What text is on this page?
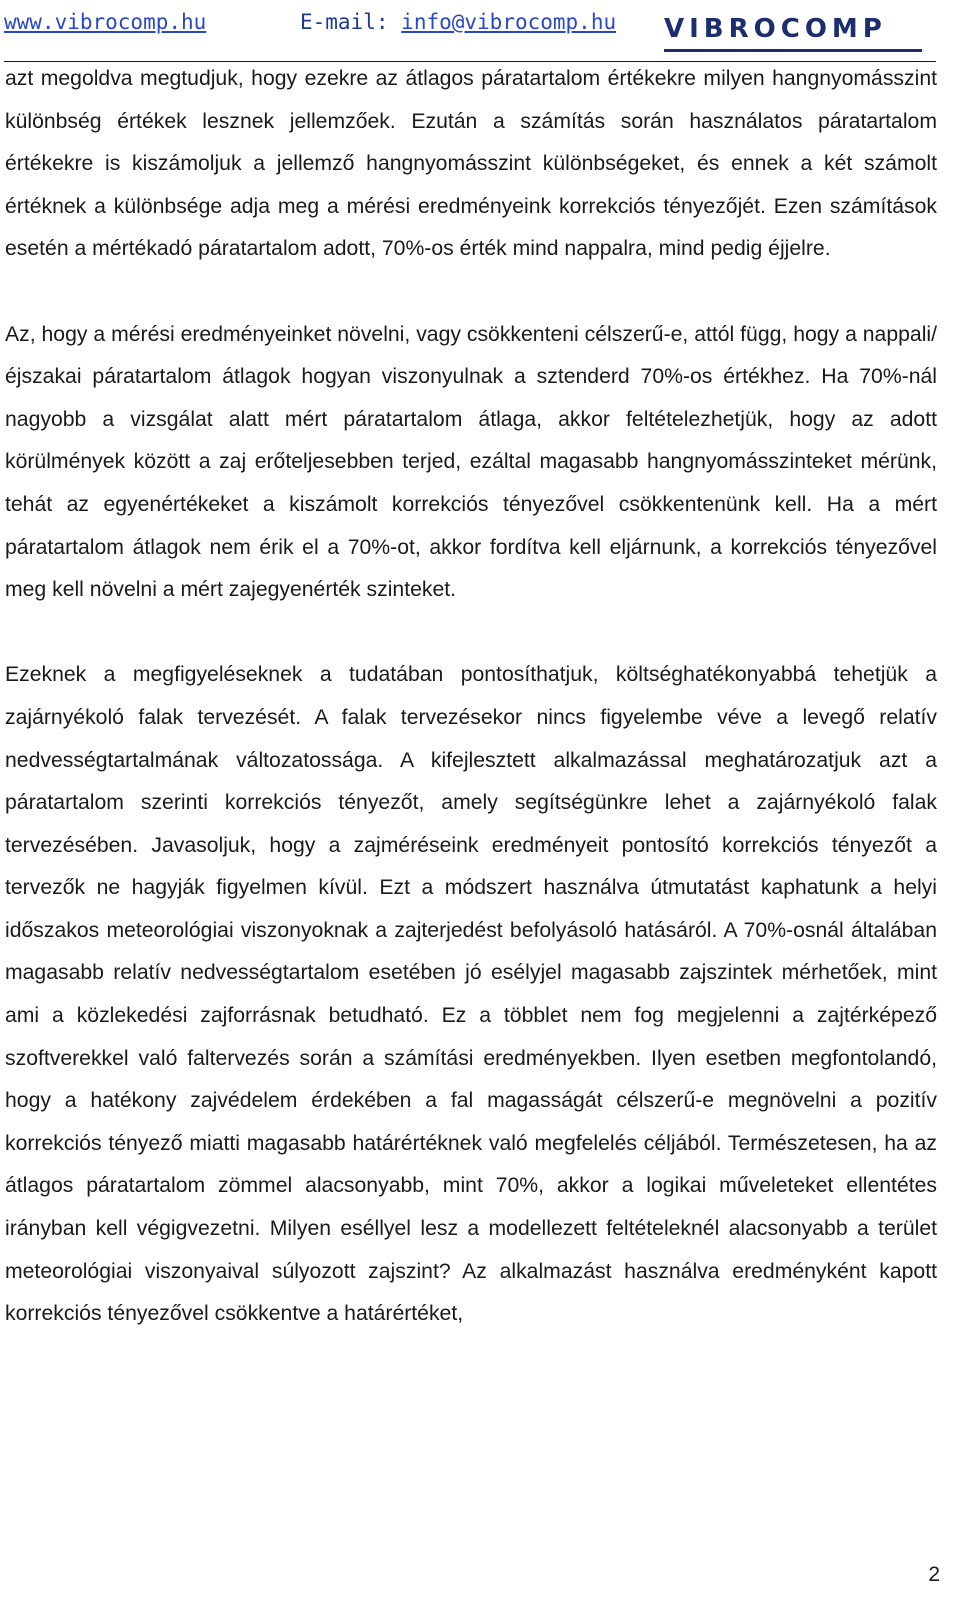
www.vibrocomp.hu	E-mail: info@vibrocomp.hu VIBROCOMP

azt megoldva megtudjuk, hogy ezekre az átlagos páratartalom értékekre milyen hangnyomásszint különbség értékek lesznek jellemzőek. Ezután a számítás során használatos páratartalom értékekre is kiszámoljuk a jellemző hangnyomásszint különbségeket, és ennek a két számolt értéknek a különbsége adja meg a mérési eredményeink korrekciós tényezőjét. Ezen számítások esetén a mértékadó páratartalom adott, 70%-os érték mind nappalra, mind pedig éjjelre.

Az, hogy a mérési eredményeinket növelni, vagy csökkenteni célszerű-e, attól függ, hogy a nappali/éjszakai páratartalom átlagok hogyan viszonyulnak a sztenderd 70%-os értékhez. Ha 70%-nál nagyobb a vizsgálat alatt mért páratartalom átlaga, akkor feltételezhetjük, hogy az adott körülmények között a zaj erőteljesebben terjed, ezáltal magasabb hangnyomásszinteket mérünk, tehát az egyenértékeket a kiszámolt korrekciós tényezővel csökkentenünk kell. Ha a mért páratartalom átlagok nem érik el a 70%-ot, akkor fordítva kell eljárnunk, a korrekciós tényezővel meg kell növelni a mért zajegyenérték szinteket.

Ezeknek a megfigyeléseknek a tudatában pontosíthatjuk, költséghatékonyabbá tehetjük a zajárnyékoló falak tervezését. A falak tervezésekor nincs figyelembe véve a levegő relatív nedvességtartalmának változatossága. A kifejlesztett alkalmazással meghatározatjuk azt a páratartalom szerinti korrekciós tényezőt, amely segítségünkre lehet a zajárnyékoló falak tervezésében. Javasoljuk, hogy a zajméréseink eredményeit pontosító korrekciós tényezőt a tervezők ne hagyják figyelmen kívül. Ezt a módszert használva útmutatást kaphatunk a helyi időszakos meteorológiai viszonyoknak a zajterjedést befolyásoló hatásáról. A 70%-osnál általában magasabb relatív nedvességtartalom esetében jó esélyjel magasabb zajszintek mérhetőek, mint ami a közlekedési zajforrásnak betudható. Ez a többlet nem fog megjelenni a zajtérképező szoftverekkel való faltervezés során a számítási eredményekben. Ilyen esetben megfontolandó, hogy a hatékony zajvédelem érdekében a fal magasságát célszerű-e megnövelni a pozitív korrekciós tényező miatti magasabb határértéknek való megfelelés céljából. Természetesen, ha az átlagos páratartalom zömmel alacsonyabb, mint 70%, akkor a logikai műveleteket ellentétes irányban kell végigvezetni. Milyen eséllyel lesz a modellezett feltételeknél alacsonyabb a terület meteorológiai viszonyaival súlyozott zajszint? Az alkalmazást használva eredményként kapott korrekciós tényezővel csökkentve a határértéket,

2
